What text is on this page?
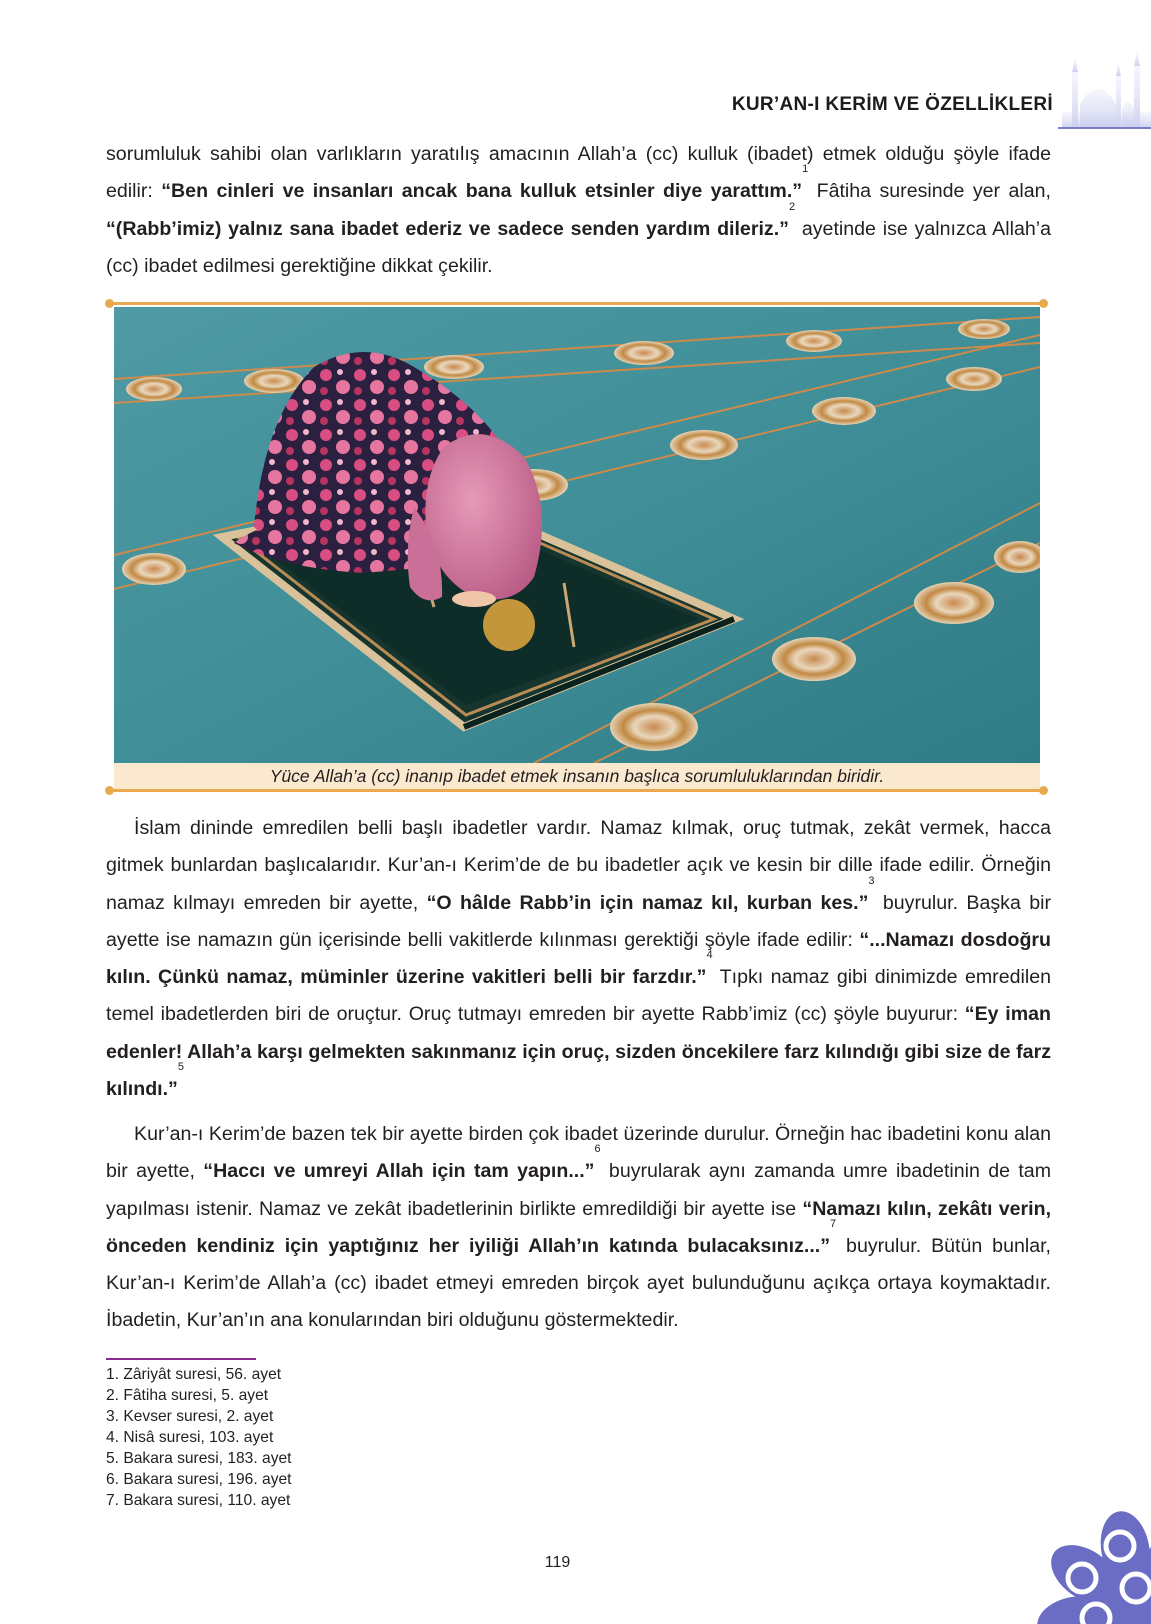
KUR’AN-I KERİM VE ÖZELLİKLERİ

sorumluluk sahibi olan varlıkların yaratılış amacının Allah’a (cc) kulluk (ibadet) etmek olduğu şöyle ifade edilir: “Ben cinleri ve insanları ancak bana kulluk etsinler diye yarattım.”$^1$ Fâtiha suresinde yer alan, “(Rabb’imiz) yalnız sana ibadet ederiz ve sadece senden yardım dileriz.”$^2$ ayetinde ise yalnızca Allah’a (cc) ibadet edilmesi gerektiğine dikkat çekilir.

Yüce Allah’a (cc) inanıp ibadet etmek insanın başlıca sorumluluklarından biridir.

İslam dininde emredilen belli başlı ibadetler vardır. Namaz kılmak, oruç tutmak, zekât vermek, hacca gitmek bunlardan başlıcalarıdır. Kur’an-ı Kerim’de de bu ibadetler açık ve kesin bir dille ifade edilir. Örneğin namaz kılmayı emreden bir ayette, “O hâlde Rabb’in için namaz kıl, kurban kes.”$^3$ buyrulur. Başka bir ayette ise namazın gün içerisinde belli vakitlerde kılınması gerektiği şöyle ifade edilir: “...Namazı dosdoğru kılın. Çünkü namaz, müminler üzerine vakitleri belli bir farzdır.”$^4$ Tıpkı namaz gibi dinimizde emredilen temel ibadetlerden biri de oruçtur. Oruç tutmayı emreden bir ayette Rabb’imiz (cc) şöyle buyurur: “Ey iman edenler! Allah’a karşı gelmekten sakınmanız için oruç, sizden öncekilere farz kılındığı gibi size de farz kılındı.”$^5$

Kur’an-ı Kerim’de bazen tek bir ayette birden çok ibadet üzerinde durulur. Örneğin hac ibadetini konu alan bir ayette, “Haccı ve umreyi Allah için tam yapın...”$^6$ buyrularak aynı zamanda umre ibadetinin de tam yapılması istenir. Namaz ve zekât ibadetlerinin birlikte emredildiği bir ayette ise “Namazı kılın, zekâtı verin, önceden kendiniz için yaptığınız her iyiliği Allah’ın katında bulacaksınız...”$^7$ buyrulur. Bütün bunlar, Kur’an-ı Kerim’de Allah’a (cc) ibadet etmeyi emreden birçok ayet bulunduğunu açıkça ortaya koymaktadır. İbadetin, Kur’an’ın ana konularından biri olduğunu göstermektedir.

1. Zâriyât suresi, 56. ayet
2. Fâtiha suresi, 5. ayet
3. Kevser suresi, 2. ayet
4. Nisâ suresi, 103. ayet
5. Bakara suresi, 183. ayet
6. Bakara suresi, 196. ayet
7. Bakara suresi, 110. ayet
119
